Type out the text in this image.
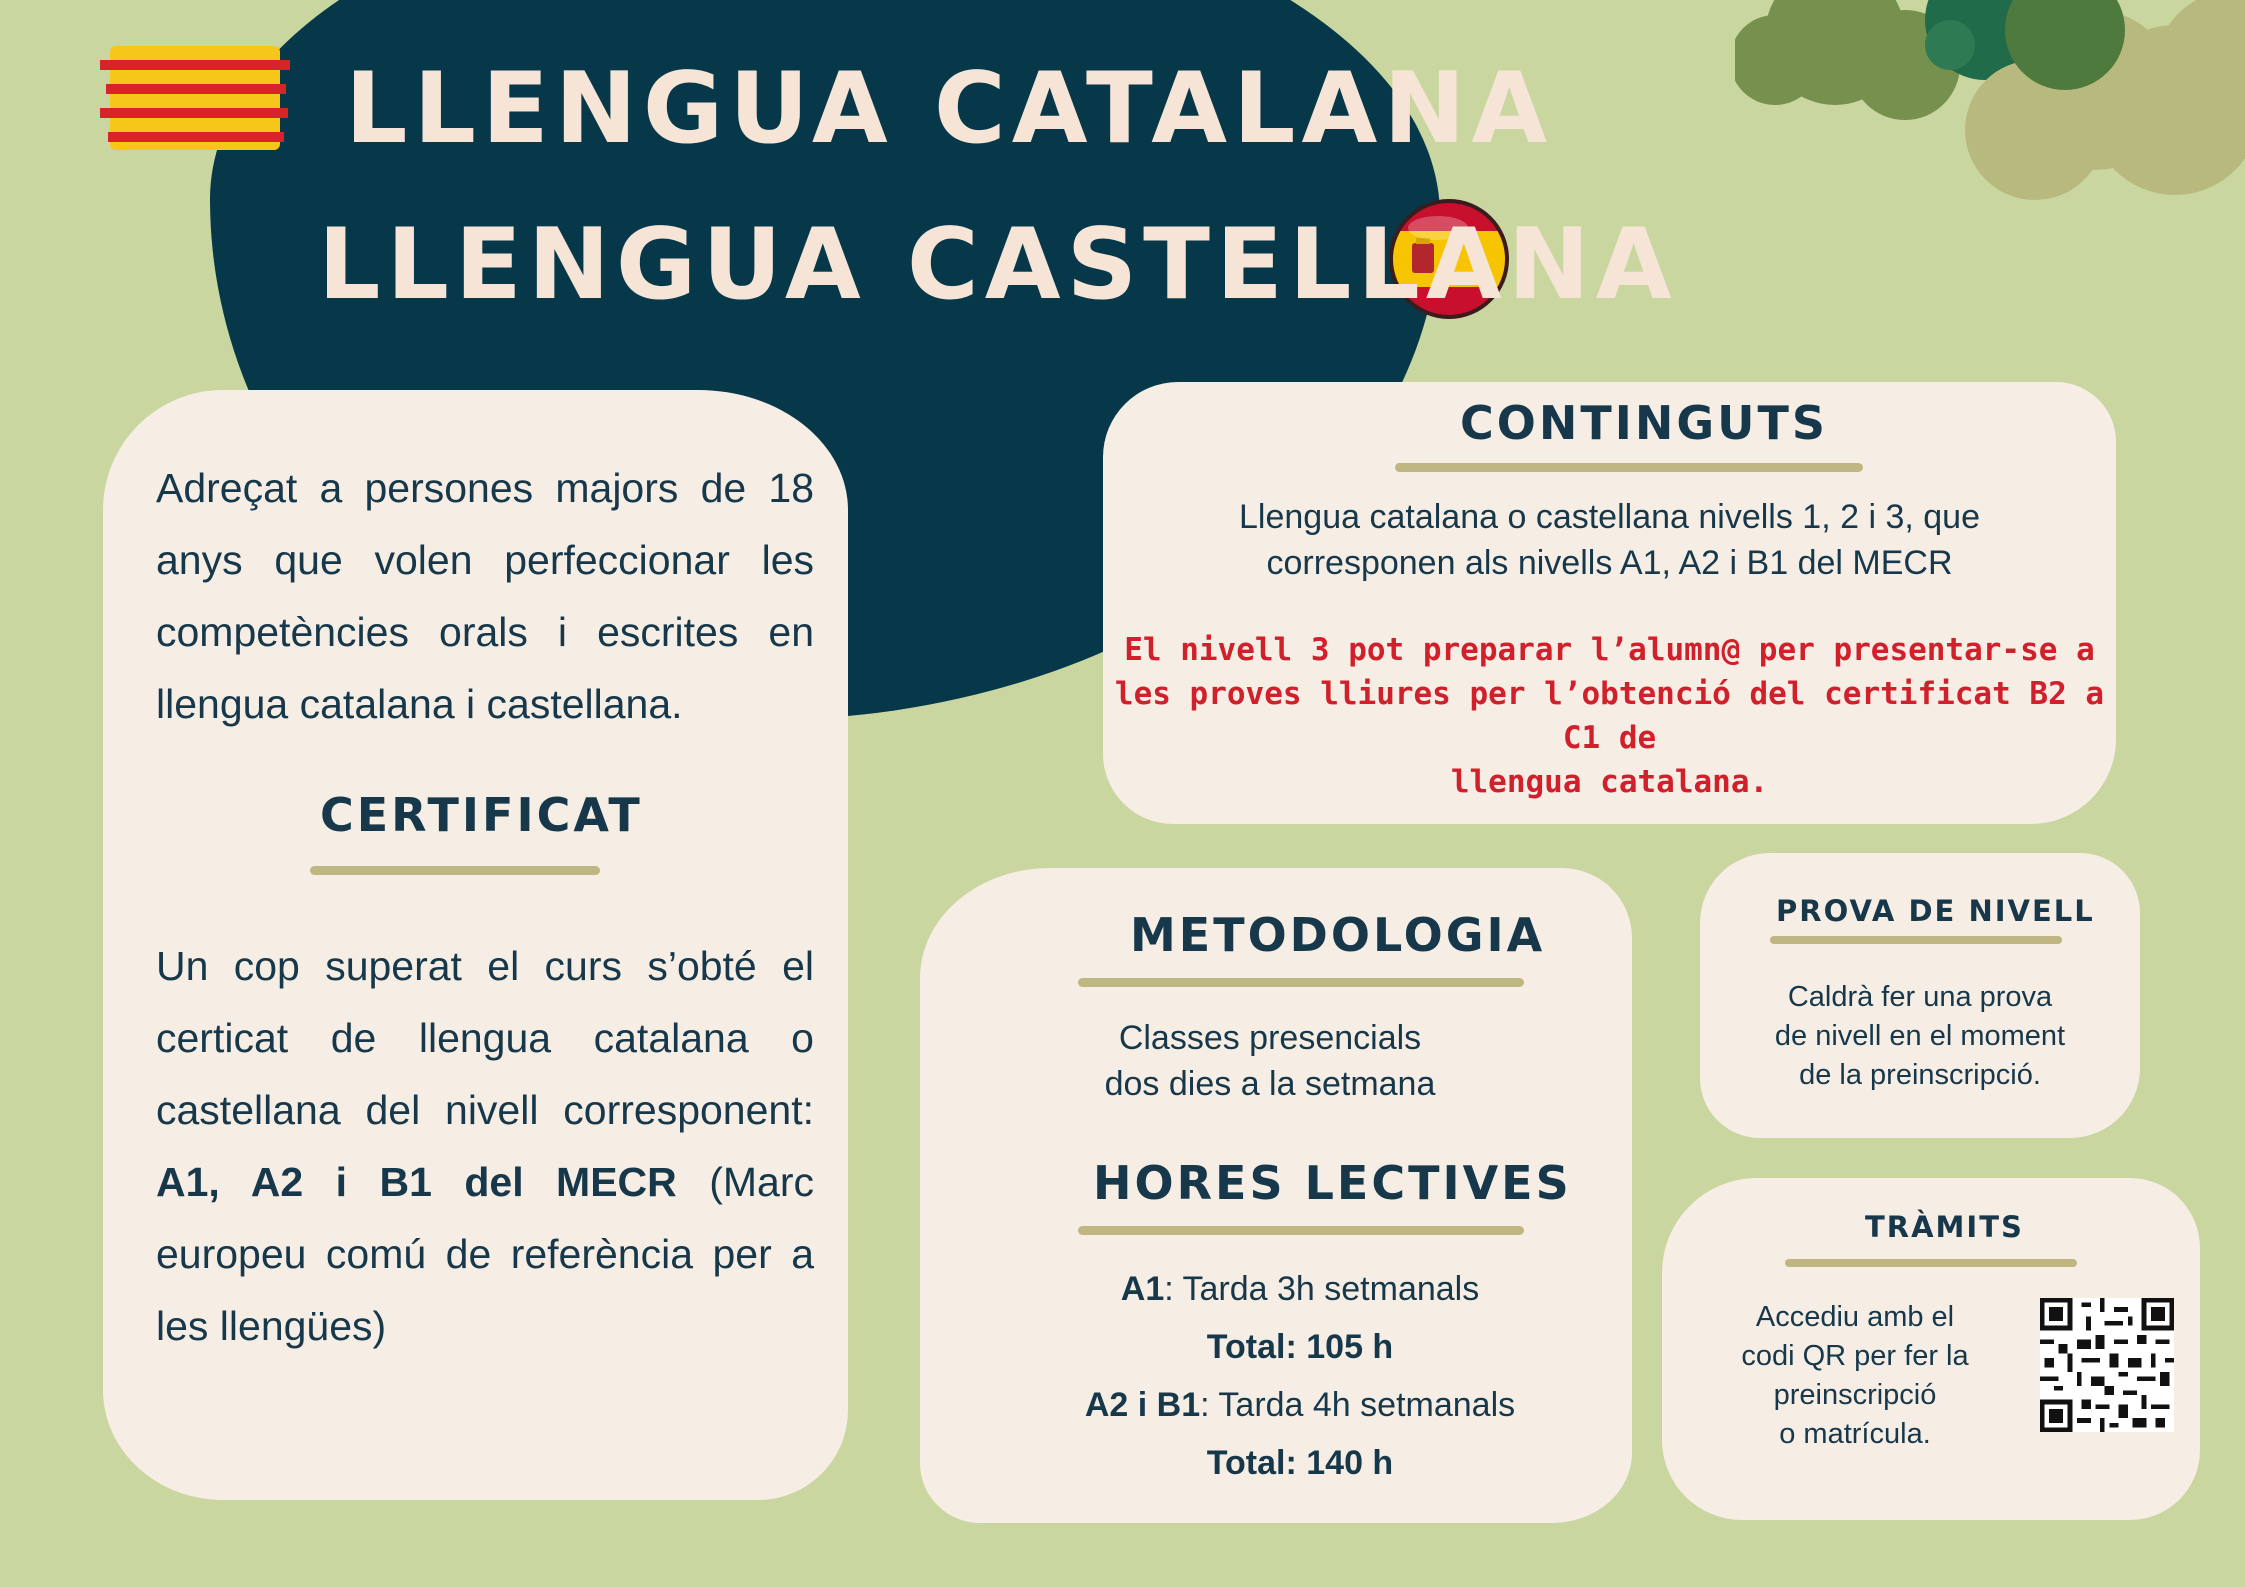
LLENGUA CATALANA
LLENGUA CASTELLANA
Adreçat a persones majors de 18 anys que volen perfeccionar les competències orals i escrites en llengua catalana i castellana.
CERTIFICAT
Un cop superat el curs s’obté el certicat de llengua catalana o castellana del nivell corresponent: A1, A2 i B1 del MECR (Marc europeu comú de referència per a les llengües)
CONTINGUTS
Llengua catalana o castellana nivells 1, 2 i 3, que
corresponen als nivells A1, A2 i B1 del MECR
El nivell 3 pot preparar l’alumn@ per presentar-se a
les proves lliures per l’obtenció del certificat B2 a C1 de
llengua catalana.
METODOLOGIA
Classes presencials
dos dies a la setmana
HORES LECTIVES
A1: Tarda 3h setmanals
Total: 105 h
A2 i B1: Tarda 4h setmanals
Total: 140 h
PROVA DE NIVELL
Caldrà fer una prova
de nivell en el moment
de la preinscripció.
TRÀMITS
Accediu amb el
codi QR per fer la
preinscripció
o matrícula.
